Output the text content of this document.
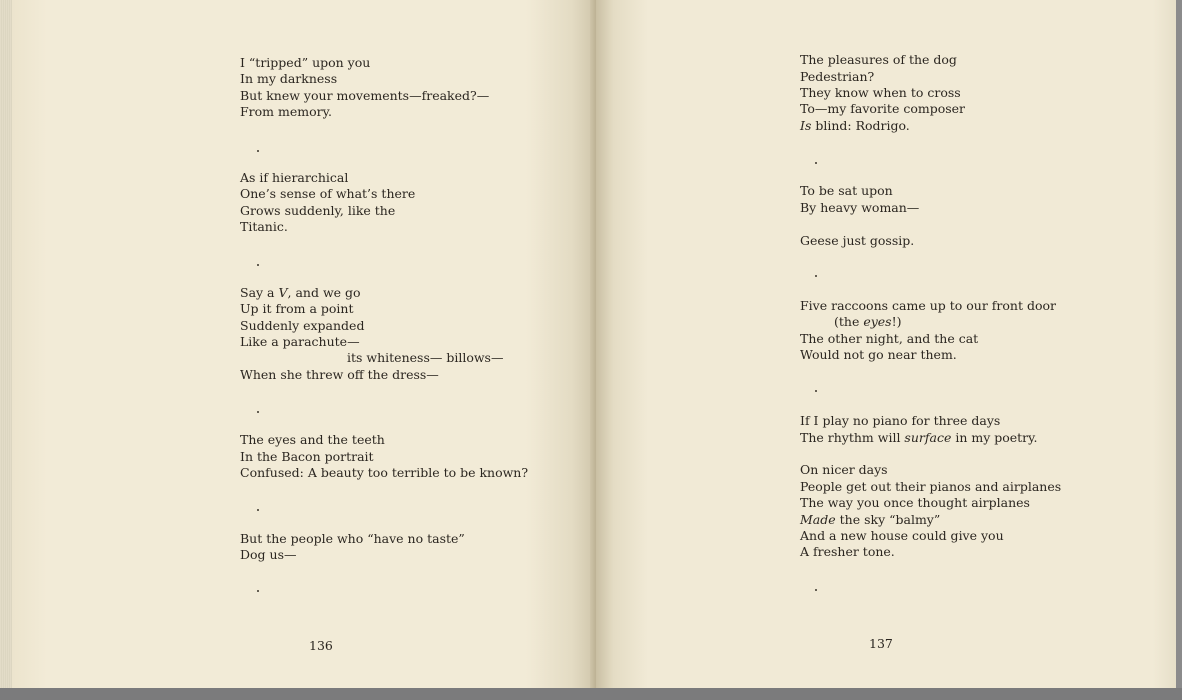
I “tripped” upon you

In my darkness

But knew your movements—freaked?—

From memory.

As if hierarchical

One’s sense of what’s there

Grows suddenly, like the

Titanic.

Say a V, and we go

Up it from a point

Suddenly expanded

Like a parachute—

its whiteness— billows—

When she threw off the dress—

The eyes and the teeth

In the Bacon portrait

Confused: A beauty too terrible to be known?

But the people who “have no taste”

Dog us—

136

The pleasures of the dog

Pedestrian?

They know when to cross

To—my favorite composer

Is blind: Rodrigo.

To be sat upon

By heavy woman—

Geese just gossip.

Five raccoons came up to our front door

(the eyes!)

The other night, and the cat

Would not go near them.

If I play no piano for three days

The rhythm will surface in my poetry.

On nicer days

People get out their pianos and airplanes

The way you once thought airplanes

Made the sky “balmy”

And a new house could give you

A fresher tone.

137
